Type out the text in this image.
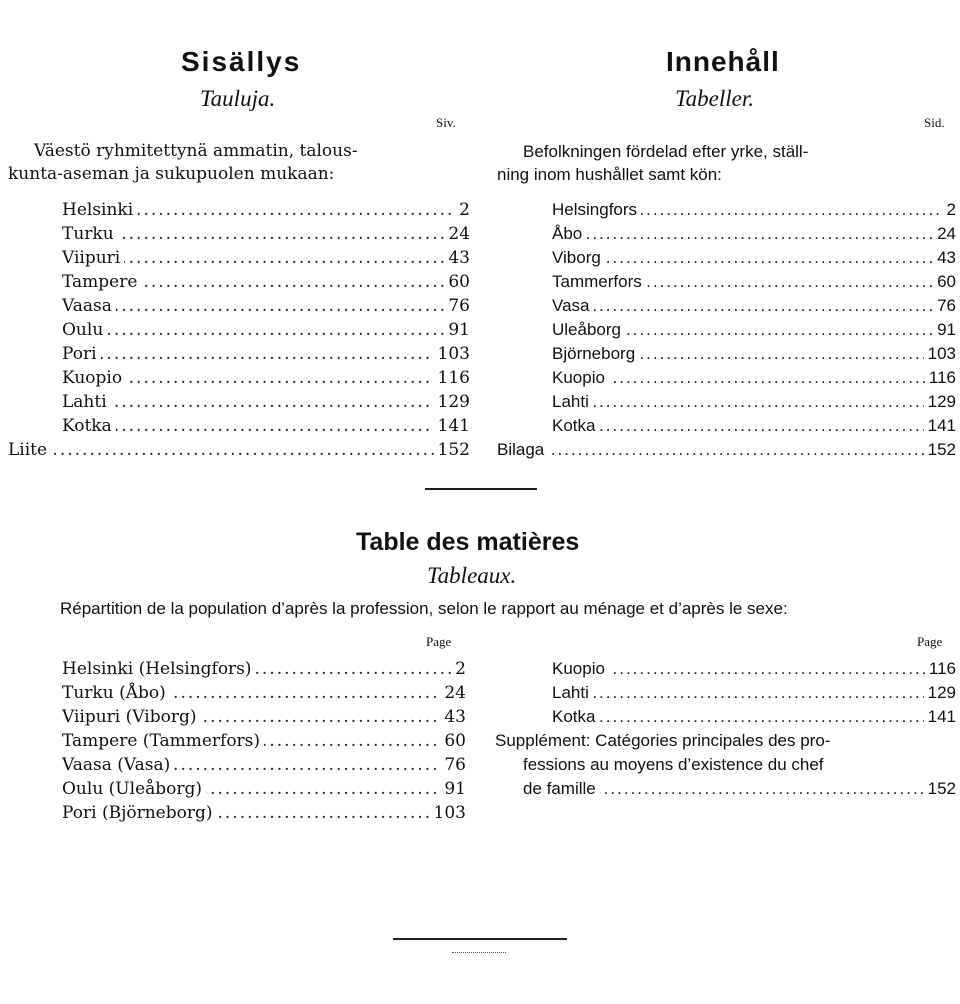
Sisällys
Tauluja.
Siv.
Väestö ryhmitettynä ammatin, talous-
kunta-aseman ja sukupuolen mukaan:
.....
Helsinki	2
.....
Turku	24
.....
Viipuri	43
.....
Tampere	60
.....
Vaasa	76
.....
Oulu	91
.....
Pori	103
.....
Kuopio	116
.....
Lahti	129
.....
Kotka	141
.....
Liite	152
Innehåll
Tabeller.
Sid.
Befolkningen fördelad efter yrke, ställ-
ning inom hushållet samt kön:
.....
Helsingfors	2
.....
Åbo	24
.....
Viborg	43
.....
Tammerfors	60
.....
Vasa	76
.....
Uleåborg	91
.....
Björneborg	103
.....
Kuopio	116
.....
Lahti	129
.....
Kotka	141
.....
Bilaga	152
Table des matières
Tableaux.
Répartition de la population d’après la profession, selon le rapport au ménage et d’après le sexe:
Page	Page
.....
Helsinki (Helsingfors)	2
.....
Turku (Åbo)	24
.....
Viipuri (Viborg)	43
.....
Tampere (Tammerfors)	60
.....
Vaasa (Vasa)	76
.....
Oulu (Uleåborg)	91
.....
Pori (Björneborg)	103
.....
Kuopio	116
.....
Lahti	129
.....
Kotka	141
Supplément: Catégories principales des pro-
fessions au moyens d’existence du chef
.....
de famille	152
